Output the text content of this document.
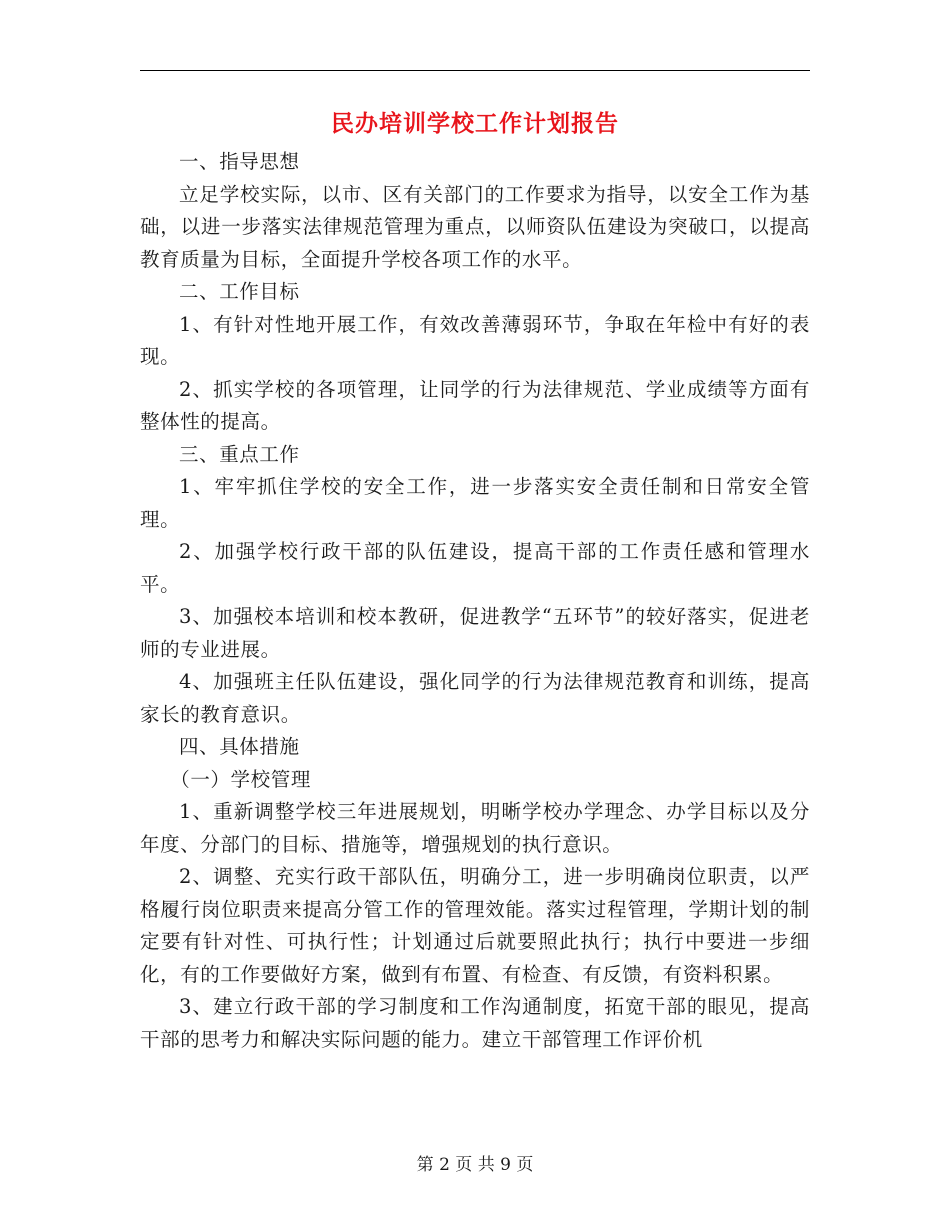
民办培训学校工作计划报告

一、指导思想

立足学校实际，以市、区有关部门的工作要求为指导，以安全工作为基础，以进一步落实法律规范管理为重点，以师资队伍建设为突破口，以提高教育质量为目标，全面提升学校各项工作的水平。

二、工作目标

1、有针对性地开展工作，有效改善薄弱环节，争取在年检中有好的表现。

2、抓实学校的各项管理，让同学的行为法律规范、学业成绩等方面有整体性的提高。

三、重点工作

1、牢牢抓住学校的安全工作，进一步落实安全责任制和日常安全管理。

2、加强学校行政干部的队伍建设，提高干部的工作责任感和管理水平。

3、加强校本培训和校本教研，促进教学“五环节”的较好落实，促进老师的专业进展。

4、加强班主任队伍建设，强化同学的行为法律规范教育和训练，提高家长的教育意识。

四、具体措施

（一）学校管理

1、重新调整学校三年进展规划，明晰学校办学理念、办学目标以及分年度、分部门的目标、措施等，增强规划的执行意识。

2、调整、充实行政干部队伍，明确分工，进一步明确岗位职责，以严格履行岗位职责来提高分管工作的管理效能。落实过程管理，学期计划的制定要有针对性、可执行性；计划通过后就要照此执行；执行中要进一步细化，有的工作要做好方案，做到有布置、有检查、有反馈，有资料积累。

3、建立行政干部的学习制度和工作沟通制度，拓宽干部的眼见，提高干部的思考力和解决实际问题的能力。建立干部管理工作评价机

第 2 页 共 9 页
